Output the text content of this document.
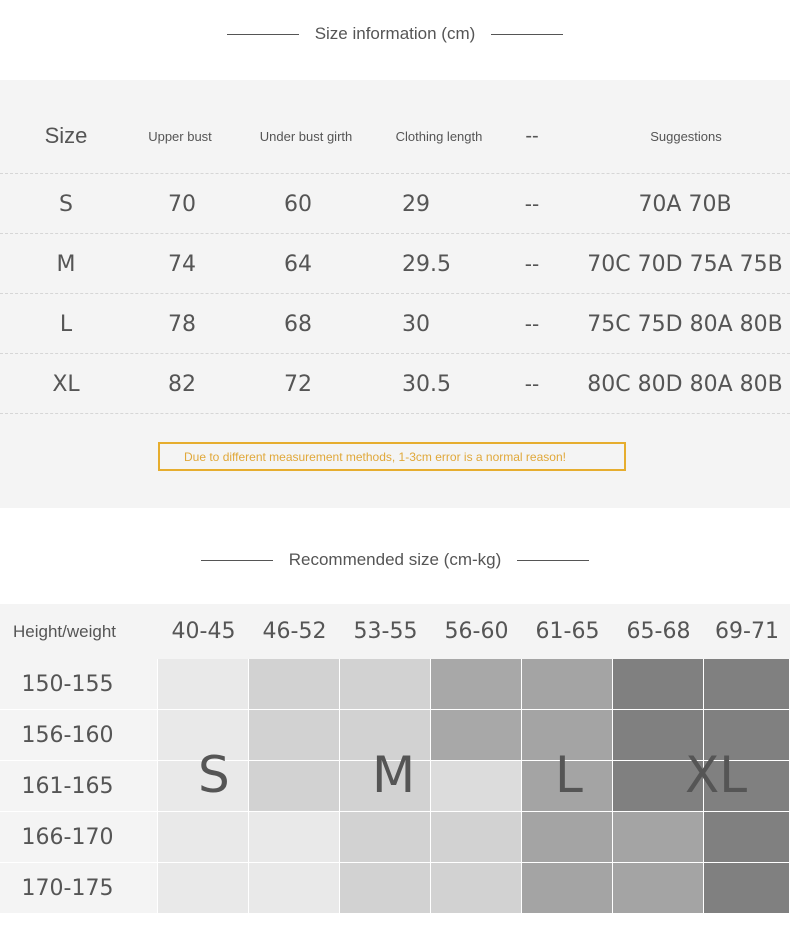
Size information (cm)
Size	Upper bust	Under bust girth	Clothing length	--	Suggestions
S	70	60	29	--	70A 70B
M	74	64	29.5	--	70C 70D 75A 75B
L	78	68	30	--	75C 75D 80A 80B
XL	82	72	30.5	--	80C 80D 80A 80B
Due to different measurement methods, 1-3cm error is a normal reason!
Recommended size (cm-kg)
Height/weight	40-45	46-52	53-55	56-60	61-65	65-68	69-71
150-155
156-160
161-165
166-170
170-175
S	M	L XL
